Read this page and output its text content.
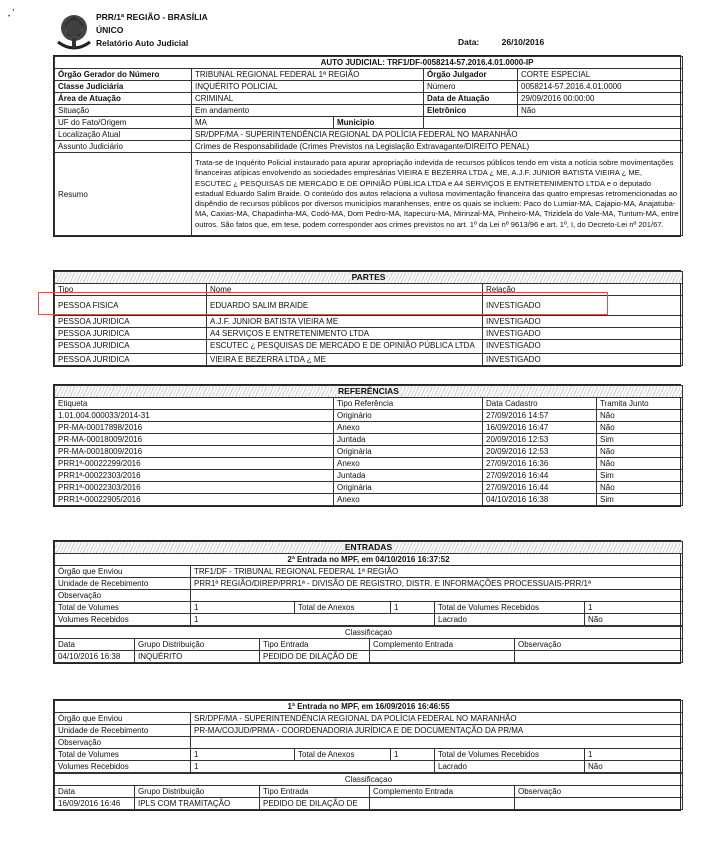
,
•	PRR/1ª REGIÃO - BRASÍLIA
ÚNICO
Relatório Auto Judicial	Data:	26/10/2016
AUTO JUDICIAL: TRF1/DF-0058214-57.2016.4.01.0000-IP				
Órgão Gerador do Número	TRIBUNAL REGIONAL FEDERAL 1ª REGIÃO		Órgão Julgador	CORTE ESPECIAL
Classe Judiciária	INQUÉRITO POLICIAL		Número	0058214-57.2016.4.01.0000
Área de Atuação	CRIMINAL		Data de Atuação	29/09/2016 00:00:00
Situação	Em andamento		Eletrônico	Não
UF do Fato/Origem	MA	Municipio		
Localização Atual	SR/DPF/MA - SUPERINTENDÊNCIA REGIONAL DA POLÍCIA FEDERAL NO MARANHÃO			
Assunto Judiciário	Crimes de Responsabilidade (Crimes Previstos na Legislação Extravagante/DIREITO PENAL)			
Resumo	Trata-se de Inquérito Policial instaurado para apurar apropriação indevida de recursos públicos tendo em vista a notícia sobre movimentações financeiras atípicas envolvendo as sociedades empresárias VIEIRA E BEZERRA LTDA ¿ ME, A.J.F. JUNIOR BATISTA VIEIRA ¿ ME, ESCUTEC ¿ PESQUISAS DE MERCADO E DE OPINIÃO PÚBLICA LTDA e A4 SERVIÇOS E ENTRETENIMENTO LTDA e o deputado estadual Eduardo Salim Braide. O conteúdo dos autos relaciona a vultosa movimentação financeira das quatro empresas retromencionadas ao dispêndio de recursos públicos por diversos municípios maranhenses, entre os quais se incluem: Paco do Lumiar-MA, Cajapio-MA, Anajatuba-MA, Caxias-MA, Chapadinha-MA, Codó-MA, Dom Pedro-MA, Itapecuru-MA, Mirinzal-MA, Pinheiro-MA, Trizidela do Vale-MA, Tuntum-MA, entre outros. São fatos que, em tese, podem corresponder aos crimes previstos no art. 1º da Lei nº 9613/96 e art. 1º, I, do Decreto-Lei nº 201/67.			
PARTES		
Tipo	Nome	Relação
PESSOA FISICA	EDUARDO SALIM BRAIDE	INVESTIGADO
PESSOA JURIDICA	A.J.F. JUNIOR BATISTA VIEIRA ME	INVESTIGADO
PESSOA JURIDICA	A4 SERVIÇOS E ENTRETENIMENTO LTDA	INVESTIGADO
PESSOA JURIDICA	ESCUTEC ¿ PESQUISAS DE MERCADO E DE OPINIÃO PÚBLICA LTDA	INVESTIGADO
PESSOA JURIDICA	VIEIRA E BEZERRA LTDA ¿ ME	INVESTIGADO
REFERÊNCIAS			
Etiqueta	Tipo Referência	Data Cadastro	Tramita Junto
1.01.004.000033/2014-31	Originário	27/09/2016 14:57	Não
PR-MA-00017898/2016	Anexo	16/09/2016 16:47	Não
PR-MA-00018009/2016	Juntada	20/09/2016 12:53	Sim
PR-MA-00018009/2016	Originária	20/09/2016 12:53	Não
PRR1ª-00022299/2016	Anexo	27/09/2016 16:36	Não
PRR1ª-00022303/2016	Juntada	27/09/2016 16:44	Sim
PRR1ª-00022303/2016	Originária	27/09/2016 16:44	Não
PRR1ª-00022905/2016	Anexo	04/10/2016 16:38	Sim
ENTRADAS					
2ª Entrada no MPF, em 04/10/2016 16:37:52					
Órgão que Enviou	TRF1/DF - TRIBUNAL REGIONAL FEDERAL 1ª REGIÃO				
Unidade de Recebimento	PRR1ª REGIÃO/DIREP/PRR1ª - DIVISÃO DE REGISTRO, DISTR. E INFORMAÇÕES PROCESSUAIS-PRR/1ª				
Observação					
Total de Volumes	1	Total de Anexos	1	Total de Volumes Recebidos	1
Volumes Recebidos	1			Lacrado	Não
Classificaçao				
Data	Grupo Distribuição	Tipo Entrada	Complemento Entrada	Observação
04/10/2016 16:38	INQUÉRITO	PEDIDO DE DILAÇÃO DE		
1ª Entrada no MPF, em 16/09/2016 16:46:55					
Órgão que Enviou	SR/DPF/MA - SUPERINTENDÊNCIA REGIONAL DA POLÍCIA FEDERAL NO MARANHÃO				
Unidade de Recebimento	PR-MA/COJUD/PRMA - COORDENADORIA JURÍDICA E DE DOCUMENTAÇÃO DA PR/MA				
Observação					
Total de Volumes	1	Total de Anexos	1	Total de Volumes Recebidos	1
Volumes Recebidos	1			Lacrado	Não
Classificaçao				
Data	Grupo Distribuição	Tipo Entrada	Complemento Entrada	Observação
16/09/2016 16:46	IPLS COM TRAMITAÇÃO	PEDIDO DE DILAÇÃO DE		
